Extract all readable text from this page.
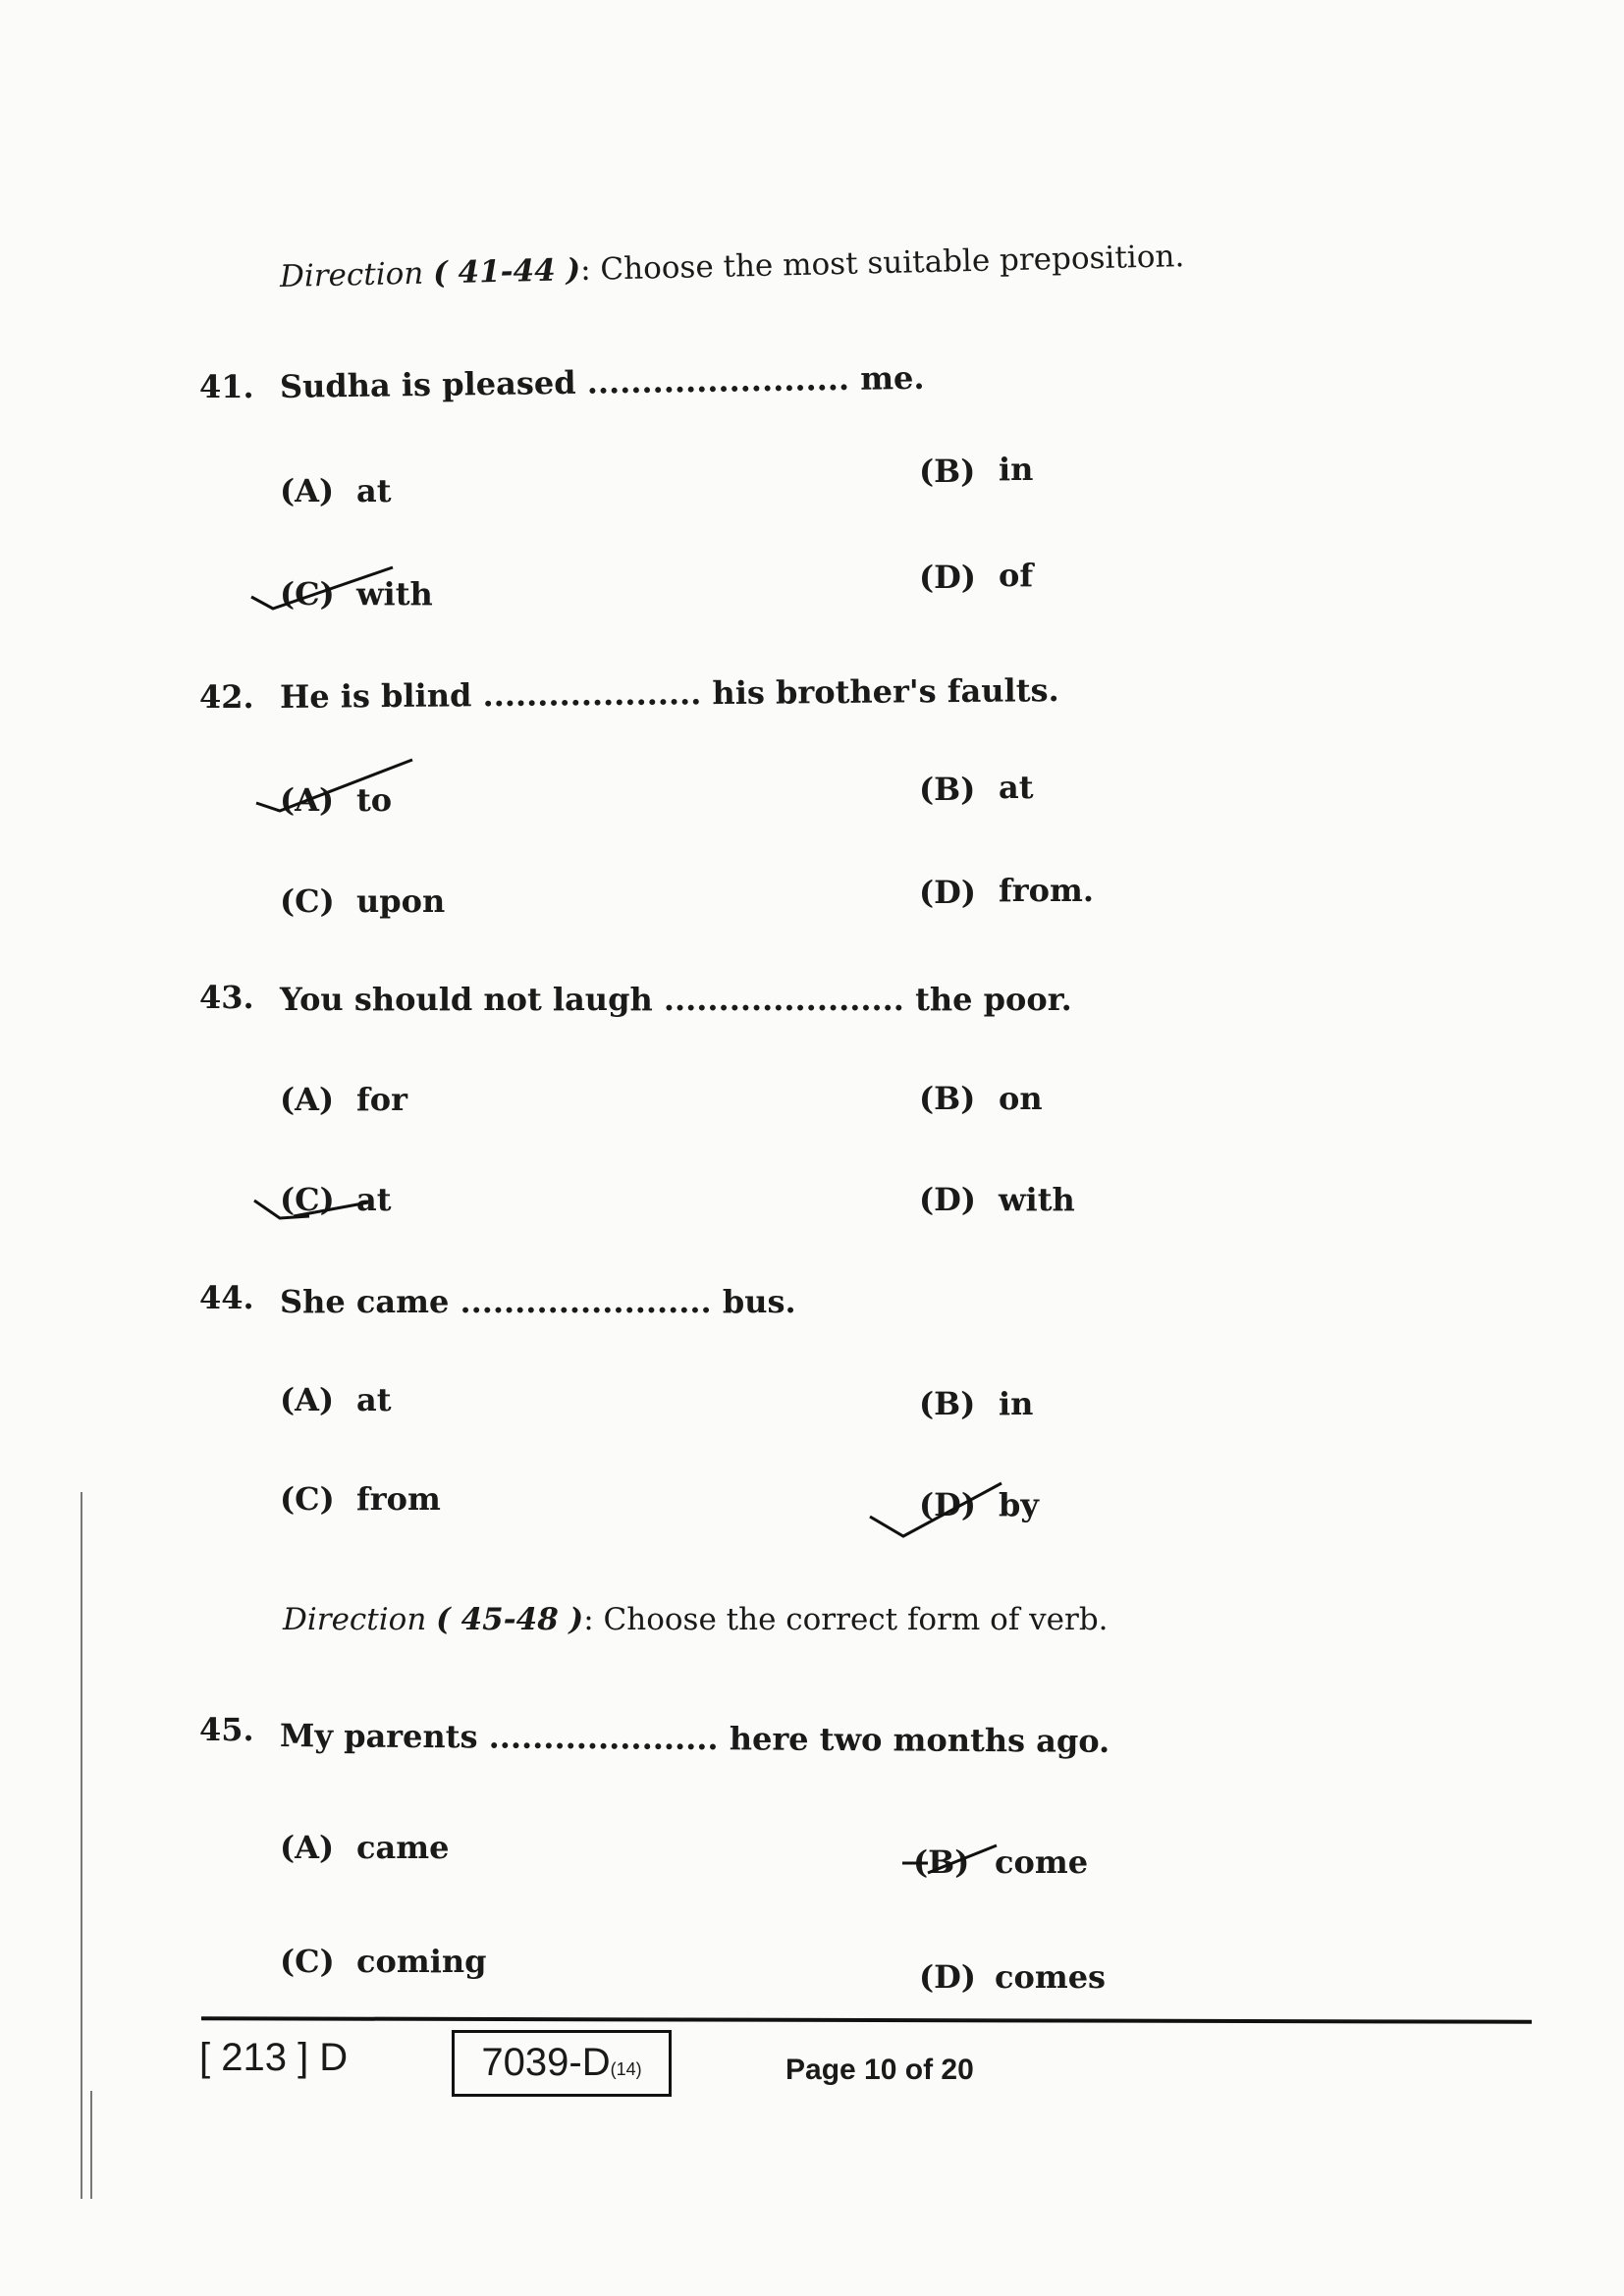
Direction ( 41-44 ): Choose the most suitable preposition.
41. Sudha is pleased ........................ me.
(A) at
(B) in
(C) with	(D) of
42. He is blind .................... his brother's faults.
(A) to	(B) at
(C) upon	(D) from.
43. You should not laugh ...................... the poor.
(A) for	(B) on
(C) at	(D) with
44. She came ....................... bus.
(A) at	(B) in
(C) from	(D) by
Direction ( 45-48 ): Choose the correct form of verb.
45. My parents ..................... here two months ago.
(A) came	(B) come
(C) coming	(D) comes
[ 213 ] D	7039-D(14)	Page 10 of 20
